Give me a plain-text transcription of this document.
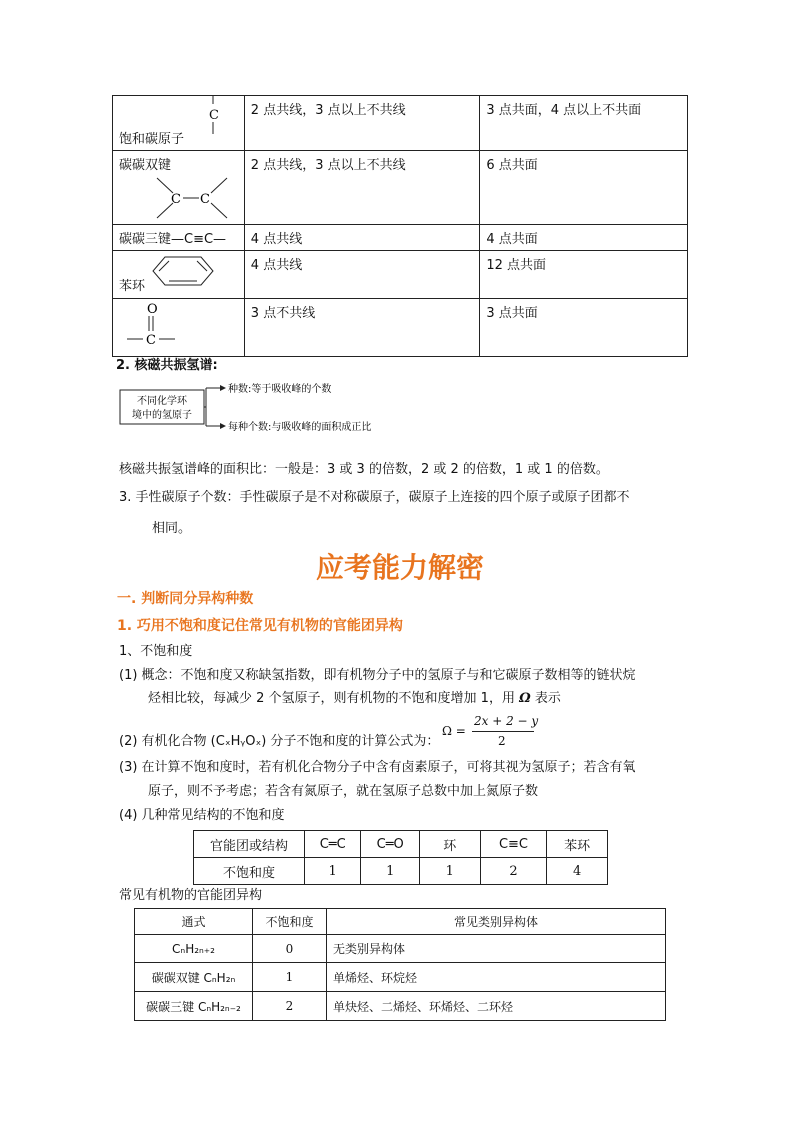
C
饱和碳原子	2 点共线，3 点以上不共线	3 点共面，4 点以上不共面
碳碳双键
C C	2 点共线，3 点以上不共线	6 点共面
碳碳三键—C≡C—	4 点共线	4 点共面

苯环	4 点共线	12 点共面

O
C	3 点不共线	3 点共面
2. 核磁共振氢谱:
不同化学环
境中的氢原子
种数:等于吸收峰的个数
每种个数:与吸收峰的面积成正比
核磁共振氢谱峰的面积比：一般是：3 或 3 的倍数，2 或 2 的倍数，1 或 1 的倍数。
3. 手性碳原子个数：手性碳原子是不对称碳原子，碳原子上连接的四个原子或原子团都不
相同。
应考能力解密
一. 判断同分异构种数
1. 巧用不饱和度记住常见有机物的官能团异构
1、不饱和度
(1) 概念：不饱和度又称缺氢指数，即有机物分子中的氢原子与和它碳原子数相等的链状烷
烃相比较，每减少 2 个氢原子，则有机物的不饱和度增加 1，用 Ω 表示
(2) 有机化合物 (CₓHᵧOₓ) 分子不饱和度的计算公式为：
Ω =
2x + 2 − y
2
(3) 在计算不饱和度时，若有机化合物分子中含有卤素原子，可将其视为氢原子；若含有氧
原子，则不予考虑；若含有氮原子，就在氢原子总数中加上氮原子数
(4) 几种常见结构的不饱和度
官能团或结构	C═C	C═O	环	C≡C	苯环
不饱和度	1	1	1	2	4
常见有机物的官能团异构
通式	不饱和度	常见类别异构体
CₙH₂ₙ₊₂	0	无类别异构体
碳碳双键 CₙH₂ₙ	1	单烯烃、环烷烃
碳碳三键 CₙH₂ₙ₋₂	2	单炔烃、二烯烃、环烯烃、二环烃
